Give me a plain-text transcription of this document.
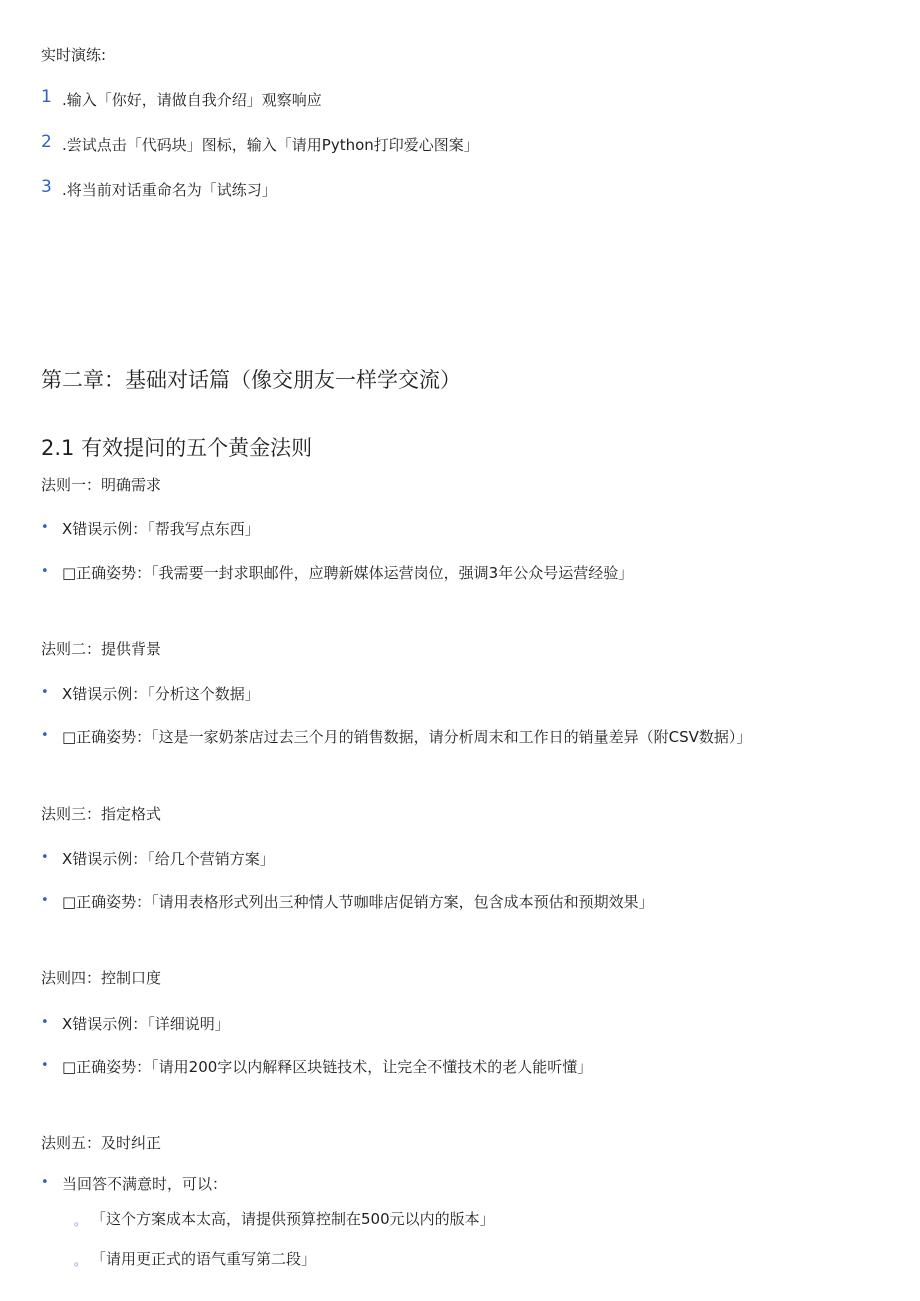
实时演练:
1 .输入「你好，请做自我介绍」观察响应
2 .尝试点击「代码块」图标，输入「请用Python打印爱心图案」
3 .将当前对话重命名为「试练习」
第二章：基础对话篇（像交朋友一样学交流）
2.1 有效提问的五个黄金法则
法则一：明确需求
• X错误示例：「帮我写点东西」
• □正确姿势：「我需要一封求职邮件，应聘新媒体运营岗位，强调3年公众号运营经验」
法则二：提供背景
• X错误示例：「分析这个数据」
• □正确姿势：「这是一家奶茶店过去三个月的销售数据，请分析周末和工作日的销量差异（附CSV数据）」
法则三：指定格式
• X错误示例：「给几个营销方案」
• □正确姿势：「请用表格形式列出三种情人节咖啡店促销方案，包含成本预估和预期效果」
法则四：控制口度
• X错误示例：「详细说明」
• □正确姿势：「请用200字以内解释区块链技术，让完全不懂技术的老人能听懂」
法则五：及时纠正
• 当回答不满意时，可以：
。 「这个方案成本太高，请提供预算控制在500元以内的版本」
。 「请用更正式的语气重写第二段」
